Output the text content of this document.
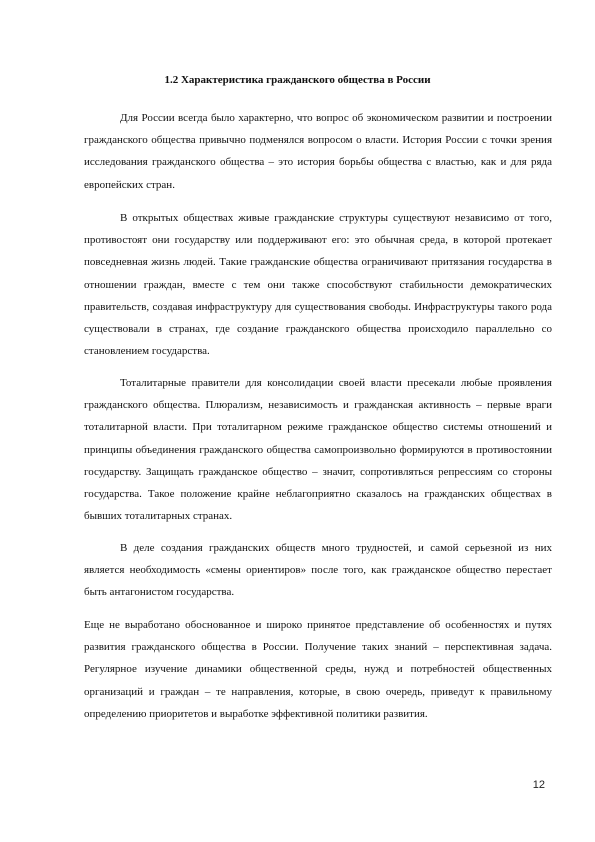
1.2 Характеристика гражданского общества в России

Для России всегда было характерно, что вопрос об экономическом развитии и построении гражданского общества привычно подменялся вопросом о власти. История России с точки зрения исследования гражданского общества – это история борьбы общества с властью, как и для ряда европейских стран.

В открытых обществах живые гражданские структуры существуют независимо от того, противостоят они государству или поддерживают его: это обычная среда, в которой протекает повседневная жизнь людей. Такие гражданские общества ограничивают притязания государства в отношении граждан, вместе с тем они также способствуют стабильности демократических правительств, создавая инфраструктуру для существования свободы. Инфраструктуры такого рода существовали в странах, где создание гражданского общества происходило параллельно со становлением государства.

Тоталитарные правители для консолидации своей власти пресекали любые проявления гражданского общества. Плюрализм, независимость и гражданская активность – первые враги тоталитарной власти. При тоталитарном режиме гражданское общество системы отношений и принципы объединения гражданского общества самопроизвольно формируются в противостоянии государству. Защищать гражданское общество – значит, сопротивляться репрессиям со стороны государства. Такое положение крайне неблагоприятно сказалось на гражданских обществах в бывших тоталитарных странах.

В деле создания гражданских обществ много трудностей, и самой серьезной из них является необходимость «смены ориентиров» после того, как гражданское общество перестает быть антагонистом государства.

Еще не выработано обоснованное и широко принятое представление об особенностях и путях развития гражданского общества в России. Получение таких знаний – перспективная задача. Регулярное изучение динамики общественной среды, нужд и потребностей общественных организаций и граждан – те направления, которые, в свою очередь, приведут к правильному определению приоритетов и выработке эффективной политики развития.

12
